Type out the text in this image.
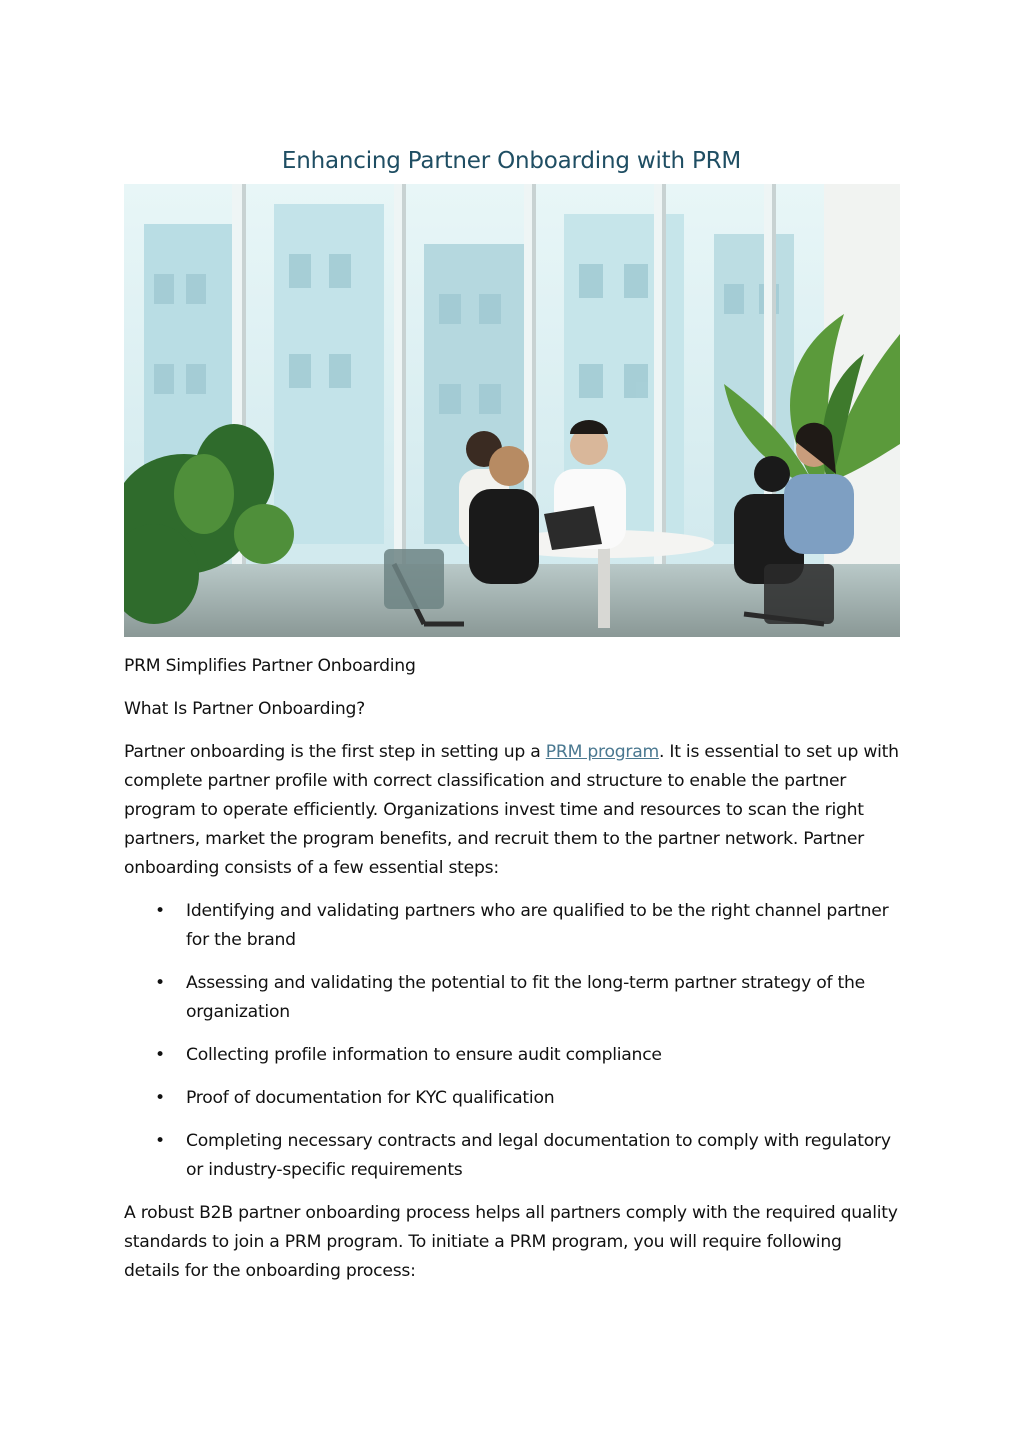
Enhancing Partner Onboarding with PRM

PRM Simplifies Partner Onboarding

What Is Partner Onboarding?

Partner onboarding is the first step in setting up a PRM program. It is essential to set up with complete partner profile with correct classification and structure to enable the partner program to operate efficiently. Organizations invest time and resources to scan the right partners, market the program benefits, and recruit them to the partner network. Partner onboarding consists of a few essential steps:

• Identifying and validating partners who are qualified to be the right channel partner for the brand
• Assessing and validating the potential to fit the long-term partner strategy of the organization
• Collecting profile information to ensure audit compliance
• Proof of documentation for KYC qualification
• Completing necessary contracts and legal documentation to comply with regulatory or industry-specific requirements

A robust B2B partner onboarding process helps all partners comply with the required quality standards to join a PRM program. To initiate a PRM program, you will require following details for the onboarding process:
